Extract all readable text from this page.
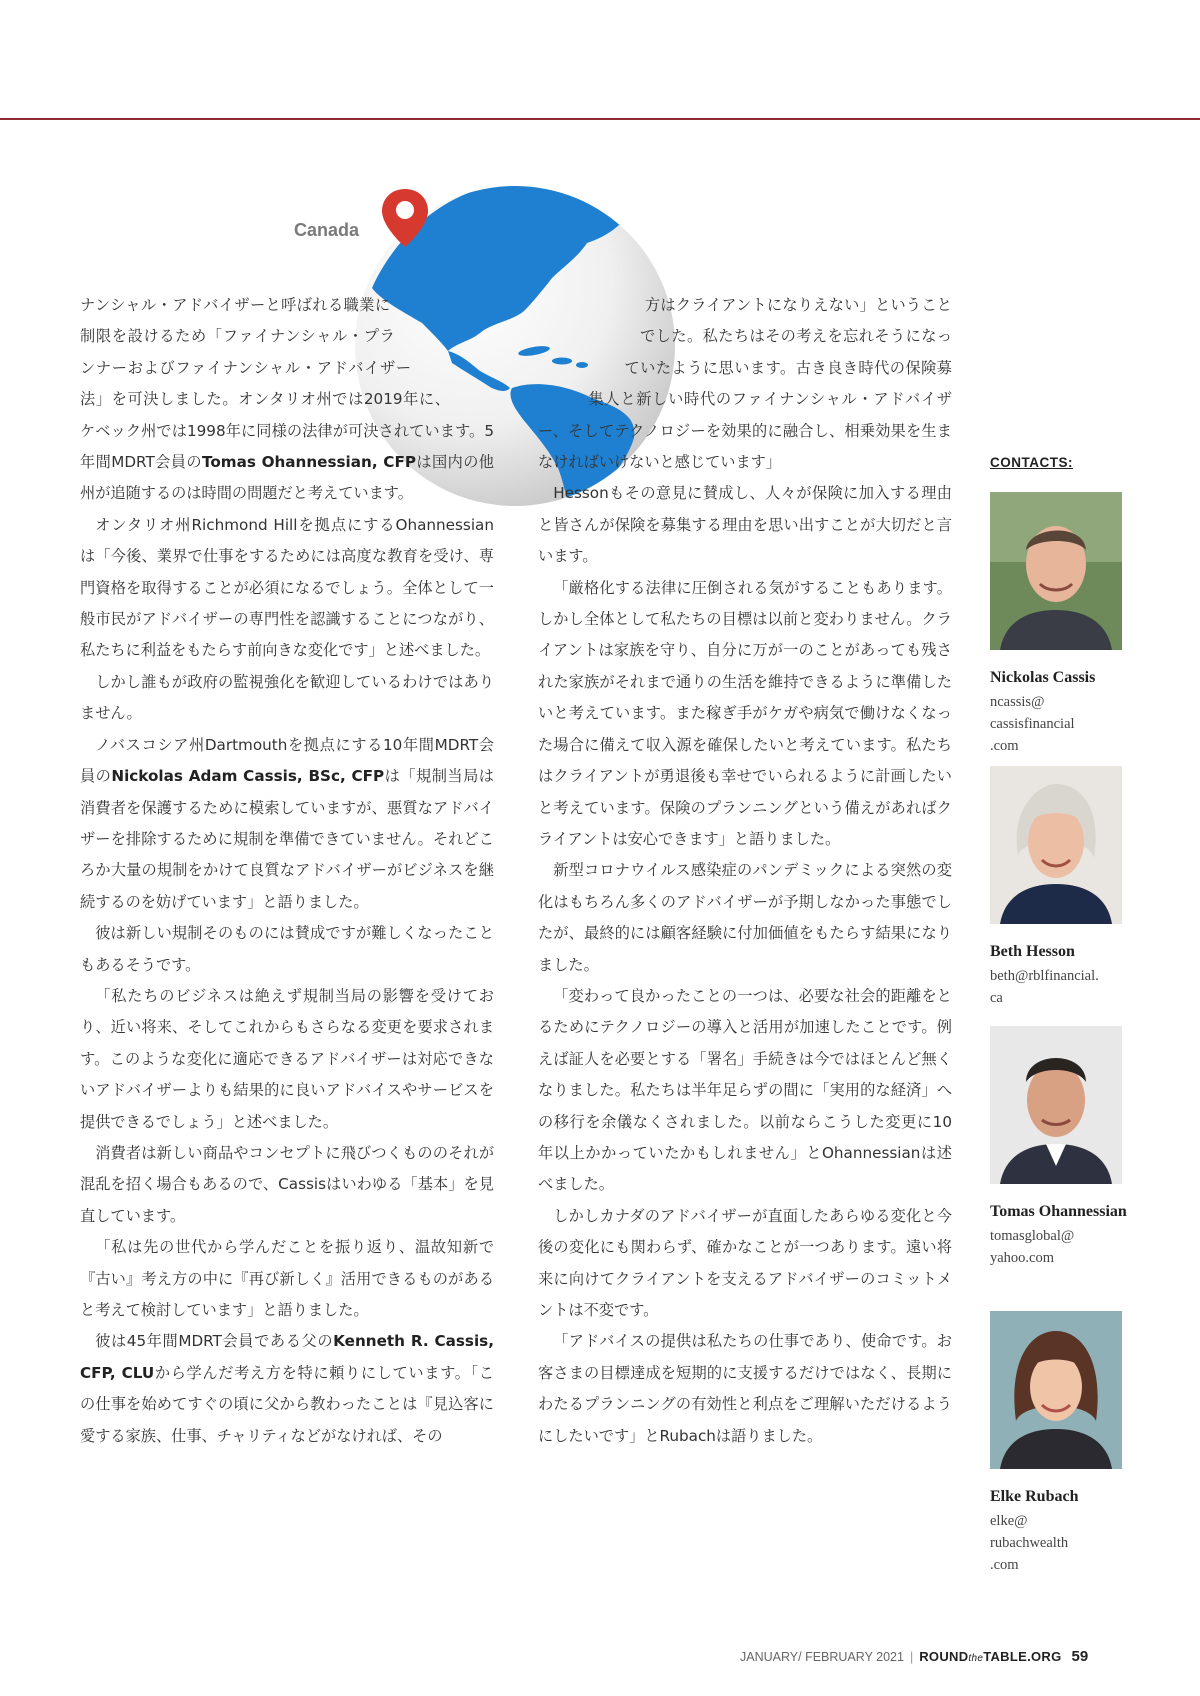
Canada

ナンシャル・アドバイザーと呼ばれる職業に制限を設けるため「ファイナンシャル・プランナーおよびファイナンシャル・アドバイザー法」を可決しました。オンタリオ州では2019年に、ケベック州では1998年に同様の法律が可決されています。5年間MDRT会員のTomas Ohannessian, CFPは国内の他州が追随するのは時間の問題だと考えています。

オンタリオ州Richmond Hillを拠点にするOhannessianは「今後、業界で仕事をするためには高度な教育を受け、専門資格を取得することが必須になるでしょう。全体として一般市民がアドバイザーの専門性を認識することにつながり、私たちに利益をもたらす前向きな変化です」と述べました。

しかし誰もが政府の監視強化を歓迎しているわけではありません。

ノバスコシア州Dartmouthを拠点にする10年間MDRT会員のNickolas Adam Cassis, BSc, CFPは「規制当局は消費者を保護するために模索していますが、悪質なアドバイザーを排除するために規制を準備できていません。それどころか大量の規制をかけて良質なアドバイザーがビジネスを継続するのを妨げています」と語りました。

彼は新しい規制そのものには賛成ですが難しくなったこともあるそうです。

「私たちのビジネスは絶えず規制当局の影響を受けており、近い将来、そしてこれからもさらなる変更を要求されます。このような変化に適応できるアドバイザーは対応できないアドバイザーよりも結果的に良いアドバイスやサービスを提供できるでしょう」と述べました。

消費者は新しい商品やコンセプトに飛びつくもののそれが混乱を招く場合もあるので、Cassisはいわゆる「基本」を見直しています。

「私は先の世代から学んだことを振り返り、温故知新で『古い』考え方の中に『再び新しく』活用できるものがあると考えて検討しています」と語りました。

彼は45年間MDRT会員である父のKenneth R. Cassis, CFP, CLUから学んだ考え方を特に頼りにしています。「この仕事を始めてすぐの頃に父から教わったことは『見込客に愛する家族、仕事、チャリティなどがなければ、その

方はクライアントになりえない」ということでした。私たちはその考えを忘れそうになっていたように思います。古き良き時代の保険募集人と新しい時代のファイナンシャル・アドバイザー、そしてテクノロジーを効果的に融合し、相乗効果を生まなければいけないと感じています」

Hessonもその意見に賛成し、人々が保険に加入する理由と皆さんが保険を募集する理由を思い出すことが大切だと言います。

「厳格化する法律に圧倒される気がすることもあります。しかし全体として私たちの目標は以前と変わりません。クライアントは家族を守り、自分に万が一のことがあっても残された家族がそれまで通りの生活を維持できるように準備したいと考えています。また稼ぎ手がケガや病気で働けなくなった場合に備えて収入源を確保したいと考えています。私たちはクライアントが勇退後も幸せでいられるように計画したいと考えています。保険のプランニングという備えがあればクライアントは安心できます」と語りました。

新型コロナウイルス感染症のパンデミックによる突然の変化はもちろん多くのアドバイザーが予期しなかった事態でしたが、最終的には顧客経験に付加価値をもたらす結果になりました。

「変わって良かったことの一つは、必要な社会的距離をとるためにテクノロジーの導入と活用が加速したことです。例えば証人を必要とする「署名」手続きは今ではほとんど無くなりました。私たちは半年足らずの間に「実用的な経済」への移行を余儀なくされました。以前ならこうした変更に10年以上かかっていたかもしれません」とOhannessianは述べました。

しかしカナダのアドバイザーが直面したあらゆる変化と今後の変化にも関わらず、確かなことが一つあります。遠い将来に向けてクライアントを支えるアドバイザーのコミットメントは不変です。

「アドバイスの提供は私たちの仕事であり、使命です。お客さまの目標達成を短期的に支援するだけではなく、長期にわたるプランニングの有効性と利点をご理解いただけるようにしたいです」とRubachは語りました。

CONTACTS:
Nickolas Cassis
ncassis@
cassisfinancial
.com
Beth Hesson
beth@rblfinancial.
ca
Tomas Ohannessian
tomasglobal@
yahoo.com
Elke Rubach
elke@
rubachwealth
.com
JANUARY/ FEBRUARY 2021 | ROUNDtheTABLE.ORG 59
